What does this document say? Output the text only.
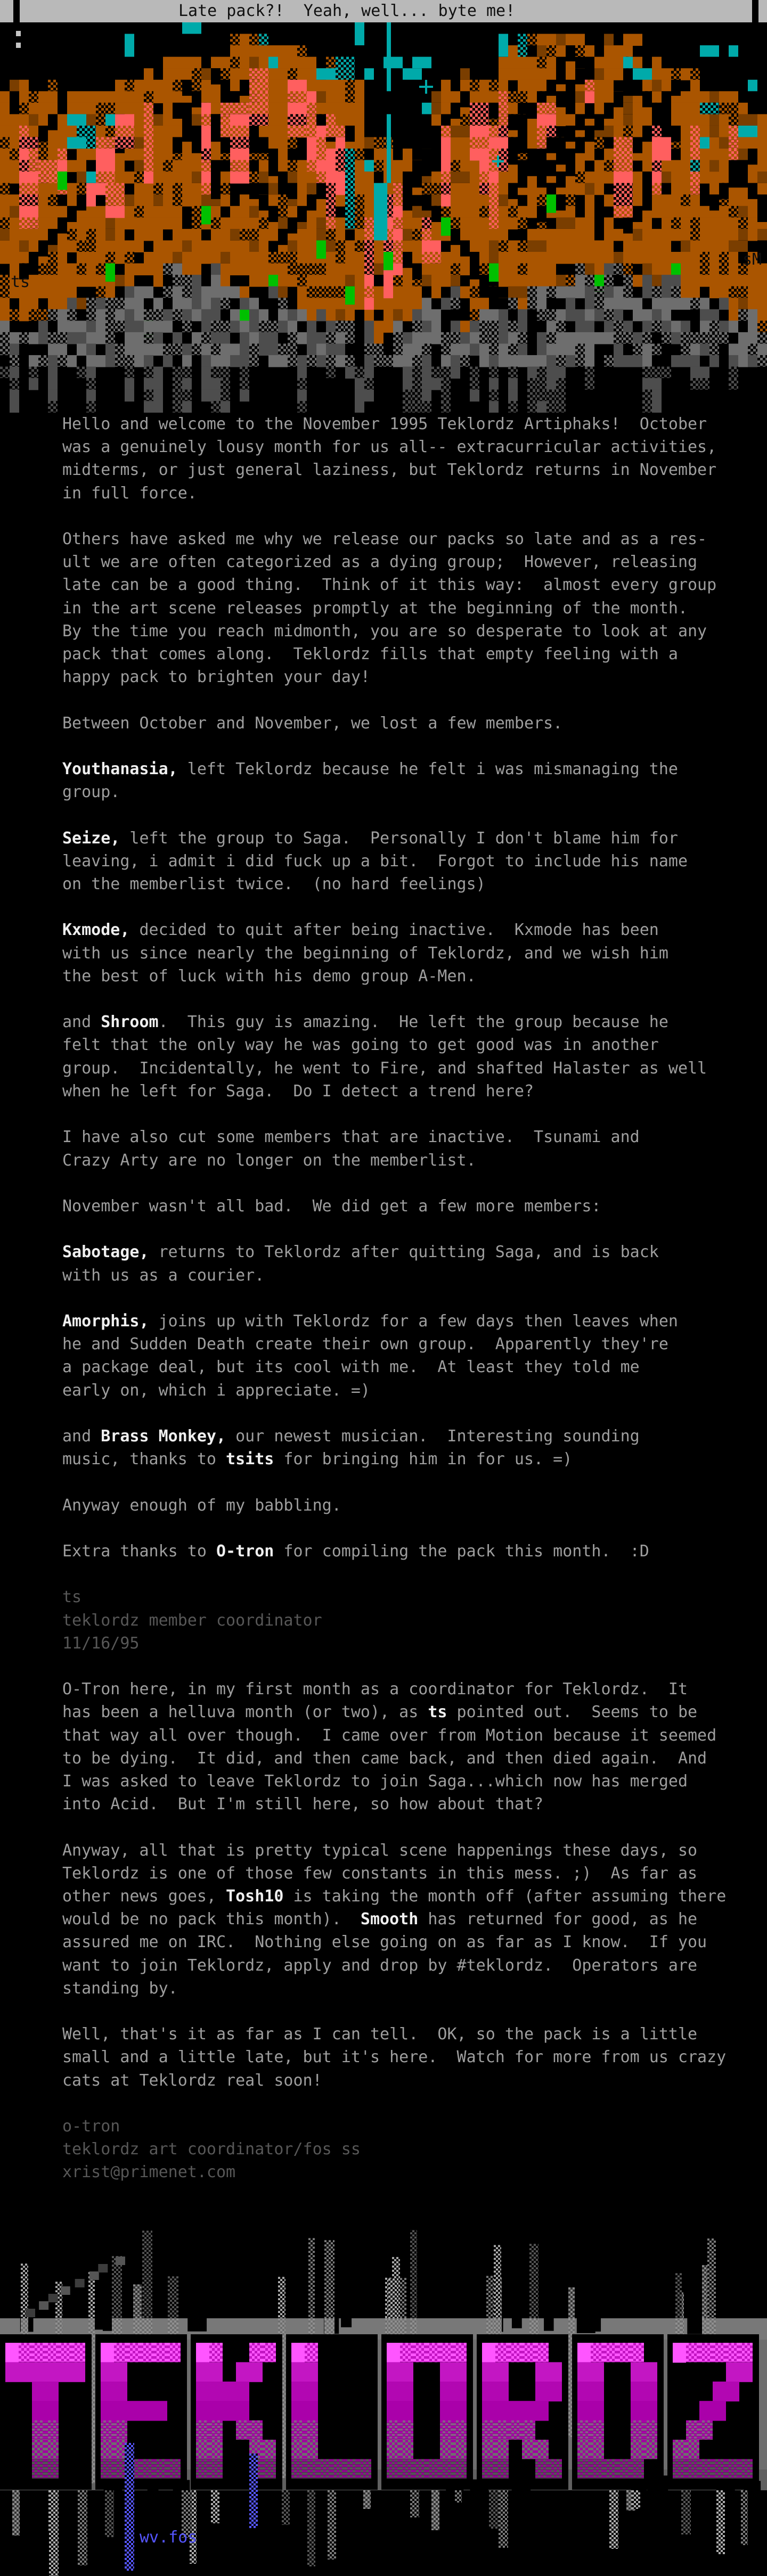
Late pack?!  Yeah, well... byte me!
ts
sM
Hello and welcome to the November 1995 Teklordz Artiphaks!  October
was a genuinely lousy month for us all-- extracurricular activities,
midterms, or just general laziness, but Teklordz returns in November
in full force.

Others have asked me why we release our packs so late and as a res-
ult we are often categorized as a dying group;  However, releasing
late can be a good thing.  Think of it this way:  almost every group
in the art scene releases promptly at the beginning of the month.
By the time you reach midmonth, you are so desperate to look at any
pack that comes along.  Teklordz fills that empty feeling with a
happy pack to brighten your day!

Between October and November, we lost a few members.

Youthanasia, left Teklordz because he felt i was mismanaging the
group.

Seize, left the group to Saga.  Personally I don't blame him for
leaving, i admit i did fuck up a bit.  Forgot to include his name
on the memberlist twice.  (no hard feelings)

Kxmode, decided to quit after being inactive.  Kxmode has been
with us since nearly the beginning of Teklordz, and we wish him
the best of luck with his demo group A-Men.

and Shroom.  This guy is amazing.  He left the group because he
felt that the only way he was going to get good was in another
group.  Incidentally, he went to Fire, and shafted Halaster as well
when he left for Saga.  Do I detect a trend here?

I have also cut some members that are inactive.  Tsunami and
Crazy Arty are no longer on the memberlist.

November wasn't all bad.  We did get a few more members:

Sabotage, returns to Teklordz after quitting Saga, and is back
with us as a courier.

Amorphis, joins up with Teklordz for a few days then leaves when
he and Sudden Death create their own group.  Apparently they're
a package deal, but its cool with me.  At least they told me
early on, which i appreciate. =)

and Brass Monkey, our newest musician.  Interesting sounding
music, thanks to tsits for bringing him in for us. =)

Anyway enough of my babbling.

Extra thanks to O-tron for compiling the pack this month.  :D

ts
teklordz member coordinator
11/16/95

O-Tron here, in my first month as a coordinator for Teklordz.  It
has been a helluva month (or two), as ts pointed out.  Seems to be
that way all over though.  I came over from Motion because it seemed
to be dying.  It did, and then came back, and then died again.  And
I was asked to leave Teklordz to join Saga...which now has merged
into Acid.  But I'm still here, so how about that?

Anyway, all that is pretty typical scene happenings these days, so
Teklordz is one of those few constants in this mess. ;)  As far as
other news goes, Tosh10 is taking the month off (after assuming there
would be no pack this month).  Smooth has returned for good, as he
assured me on IRC.  Nothing else going on as far as I know.  If you
want to join Teklordz, apply and drop by #teklordz.  Operators are
standing by.

Well, that's it as far as I can tell.  OK, so the pack is a little
small and a little late, but it's here.  Watch for more from us crazy
cats at Teklordz real soon!

o-tron
teklordz art coordinator/fos ss
xrist@primenet.com
wv.fos
